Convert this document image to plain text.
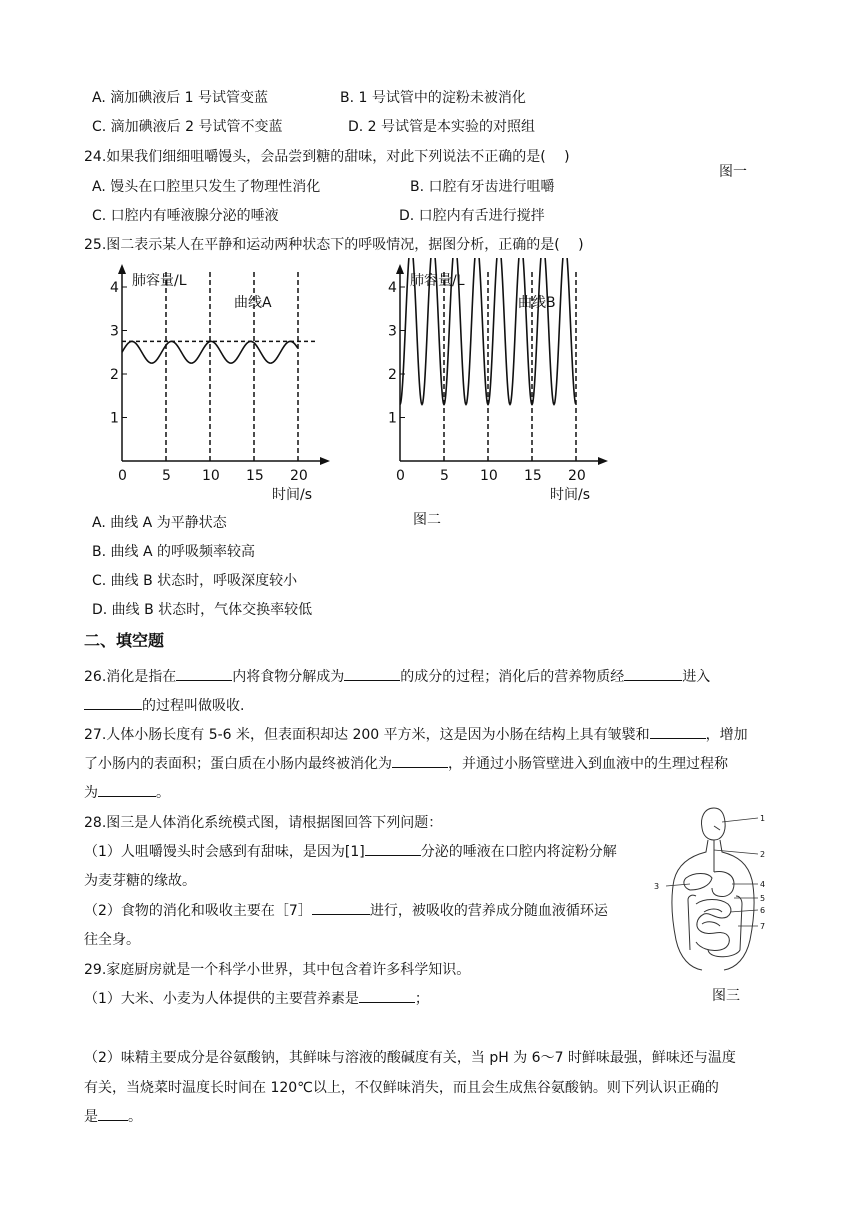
A. 滴加碘液后 1 号试管变蓝	B. 1 号试管中的淀粉未被消化
C. 滴加碘液后 2 号试管不变蓝	D. 2 号试管是本实验的对照组
24.如果我们细细咀嚼馒头，会品尝到糖的甜味，对此下列说法不正确的是(　 )
A. 馒头在口腔里只发生了物理性消化	B. 口腔有牙齿进行咀嚼
C. 口腔内有唾液腺分泌的唾液	D. 口腔内有舌进行搅拌
图一
25.图二表示某人在平静和运动两种状态下的呼吸情况，据图分析，正确的是(　 )
1
2
3
4
0	5 10 15 20
肺容量/L
时间/s
曲线A
1
2
3
4
0	5 10 15 20
肺容量/L
时间/s
曲线B
A. 曲线 A 为平静状态	图二
B. 曲线 A 的呼吸频率较高
C. 曲线 B 状态时，呼吸深度较小
D. 曲线 B 状态时，气体交换率较低
二、填空题
26.消化是指在	内将食物分解成为	的成分的过程；消化后的营养物质经	进入
的过程叫做吸收.
27.人体小肠长度有 5-6 米，但表面积却达 200 平方米，这是因为小肠在结构上具有皱襞和	，增加
了小肠内的表面积；蛋白质在小肠内最终被消化为	，并通过小肠管壁进入到血液中的生理过程称
为	。
28.图三是人体消化系统模式图，请根据图回答下列问题：
（1）人咀嚼馒头时会感到有甜味，是因为[1]	分泌的唾液在口腔内将淀粉分解
为麦芽糖的缘故。
（2）食物的消化和吸收主要在［7］	进行，被吸收的营养成分随血液循环运
往全身。
1
2
3	4
5
6
7
29.家庭厨房就是一个科学小世界，其中包含着许多科学知识。
（1）大米、小麦为人体提供的主要营养素是	；	图三
（2）味精主要成分是谷氨酸钠，其鲜味与溶液的酸碱度有关，当 pH 为 6～7 时鲜味最强，鲜味还与温度
有关，当烧菜时温度长时间在 120℃以上，不仅鲜味消失，而且会生成焦谷氨酸钠。则下列认识正确的
是 。
